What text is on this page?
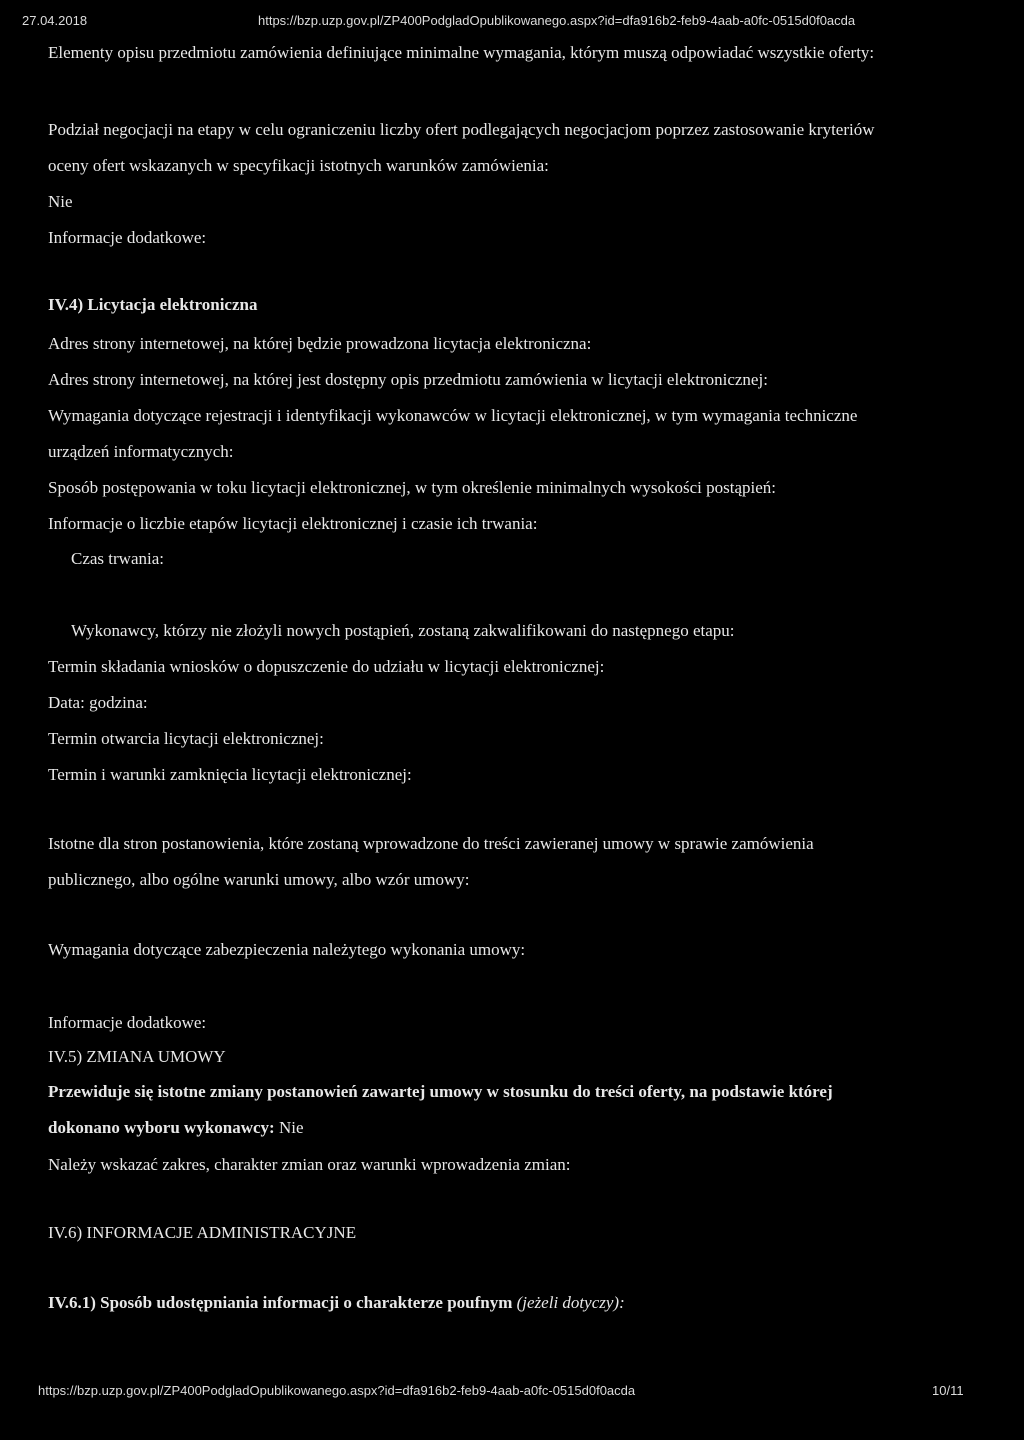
27.04.2018	https://bzp.uzp.gov.pl/ZP400PodgladOpublikowanego.aspx?id=dfa916b2-feb9-4aab-a0fc-0515d0f0acda
Elementy opisu przedmiotu zamówienia definiujące minimalne wymagania, którym muszą odpowiadać wszystkie oferty:
Podział negocjacji na etapy w celu ograniczeniu liczby ofert podlegających negocjacjom poprzez zastosowanie kryteriów
oceny ofert wskazanych w specyfikacji istotnych warunków zamówienia:
Nie
Informacje dodatkowe:
IV.4) Licytacja elektroniczna
Adres strony internetowej, na której będzie prowadzona licytacja elektroniczna:
Adres strony internetowej, na której jest dostępny opis przedmiotu zamówienia w licytacji elektronicznej:
Wymagania dotyczące rejestracji i identyfikacji wykonawców w licytacji elektronicznej, w tym wymagania techniczne
urządzeń informatycznych:
Sposób postępowania w toku licytacji elektronicznej, w tym określenie minimalnych wysokości postąpień:
Informacje o liczbie etapów licytacji elektronicznej i czasie ich trwania:
Czas trwania:
Wykonawcy, którzy nie złożyli nowych postąpień, zostaną zakwalifikowani do następnego etapu:
Termin składania wniosków o dopuszczenie do udziału w licytacji elektronicznej:
Data: godzina:
Termin otwarcia licytacji elektronicznej:
Termin i warunki zamknięcia licytacji elektronicznej:
Istotne dla stron postanowienia, które zostaną wprowadzone do treści zawieranej umowy w sprawie zamówienia
publicznego, albo ogólne warunki umowy, albo wzór umowy:
Wymagania dotyczące zabezpieczenia należytego wykonania umowy:
Informacje dodatkowe:
IV.5) ZMIANA UMOWY
Przewiduje się istotne zmiany postanowień zawartej umowy w stosunku do treści oferty, na podstawie której
dokonano wyboru wykonawcy: Nie
Należy wskazać zakres, charakter zmian oraz warunki wprowadzenia zmian:
IV.6) INFORMACJE ADMINISTRACYJNE
IV.6.1) Sposób udostępniania informacji o charakterze poufnym (jeżeli dotyczy):
https://bzp.uzp.gov.pl/ZP400PodgladOpublikowanego.aspx?id=dfa916b2-feb9-4aab-a0fc-0515d0f0acda	10/11
